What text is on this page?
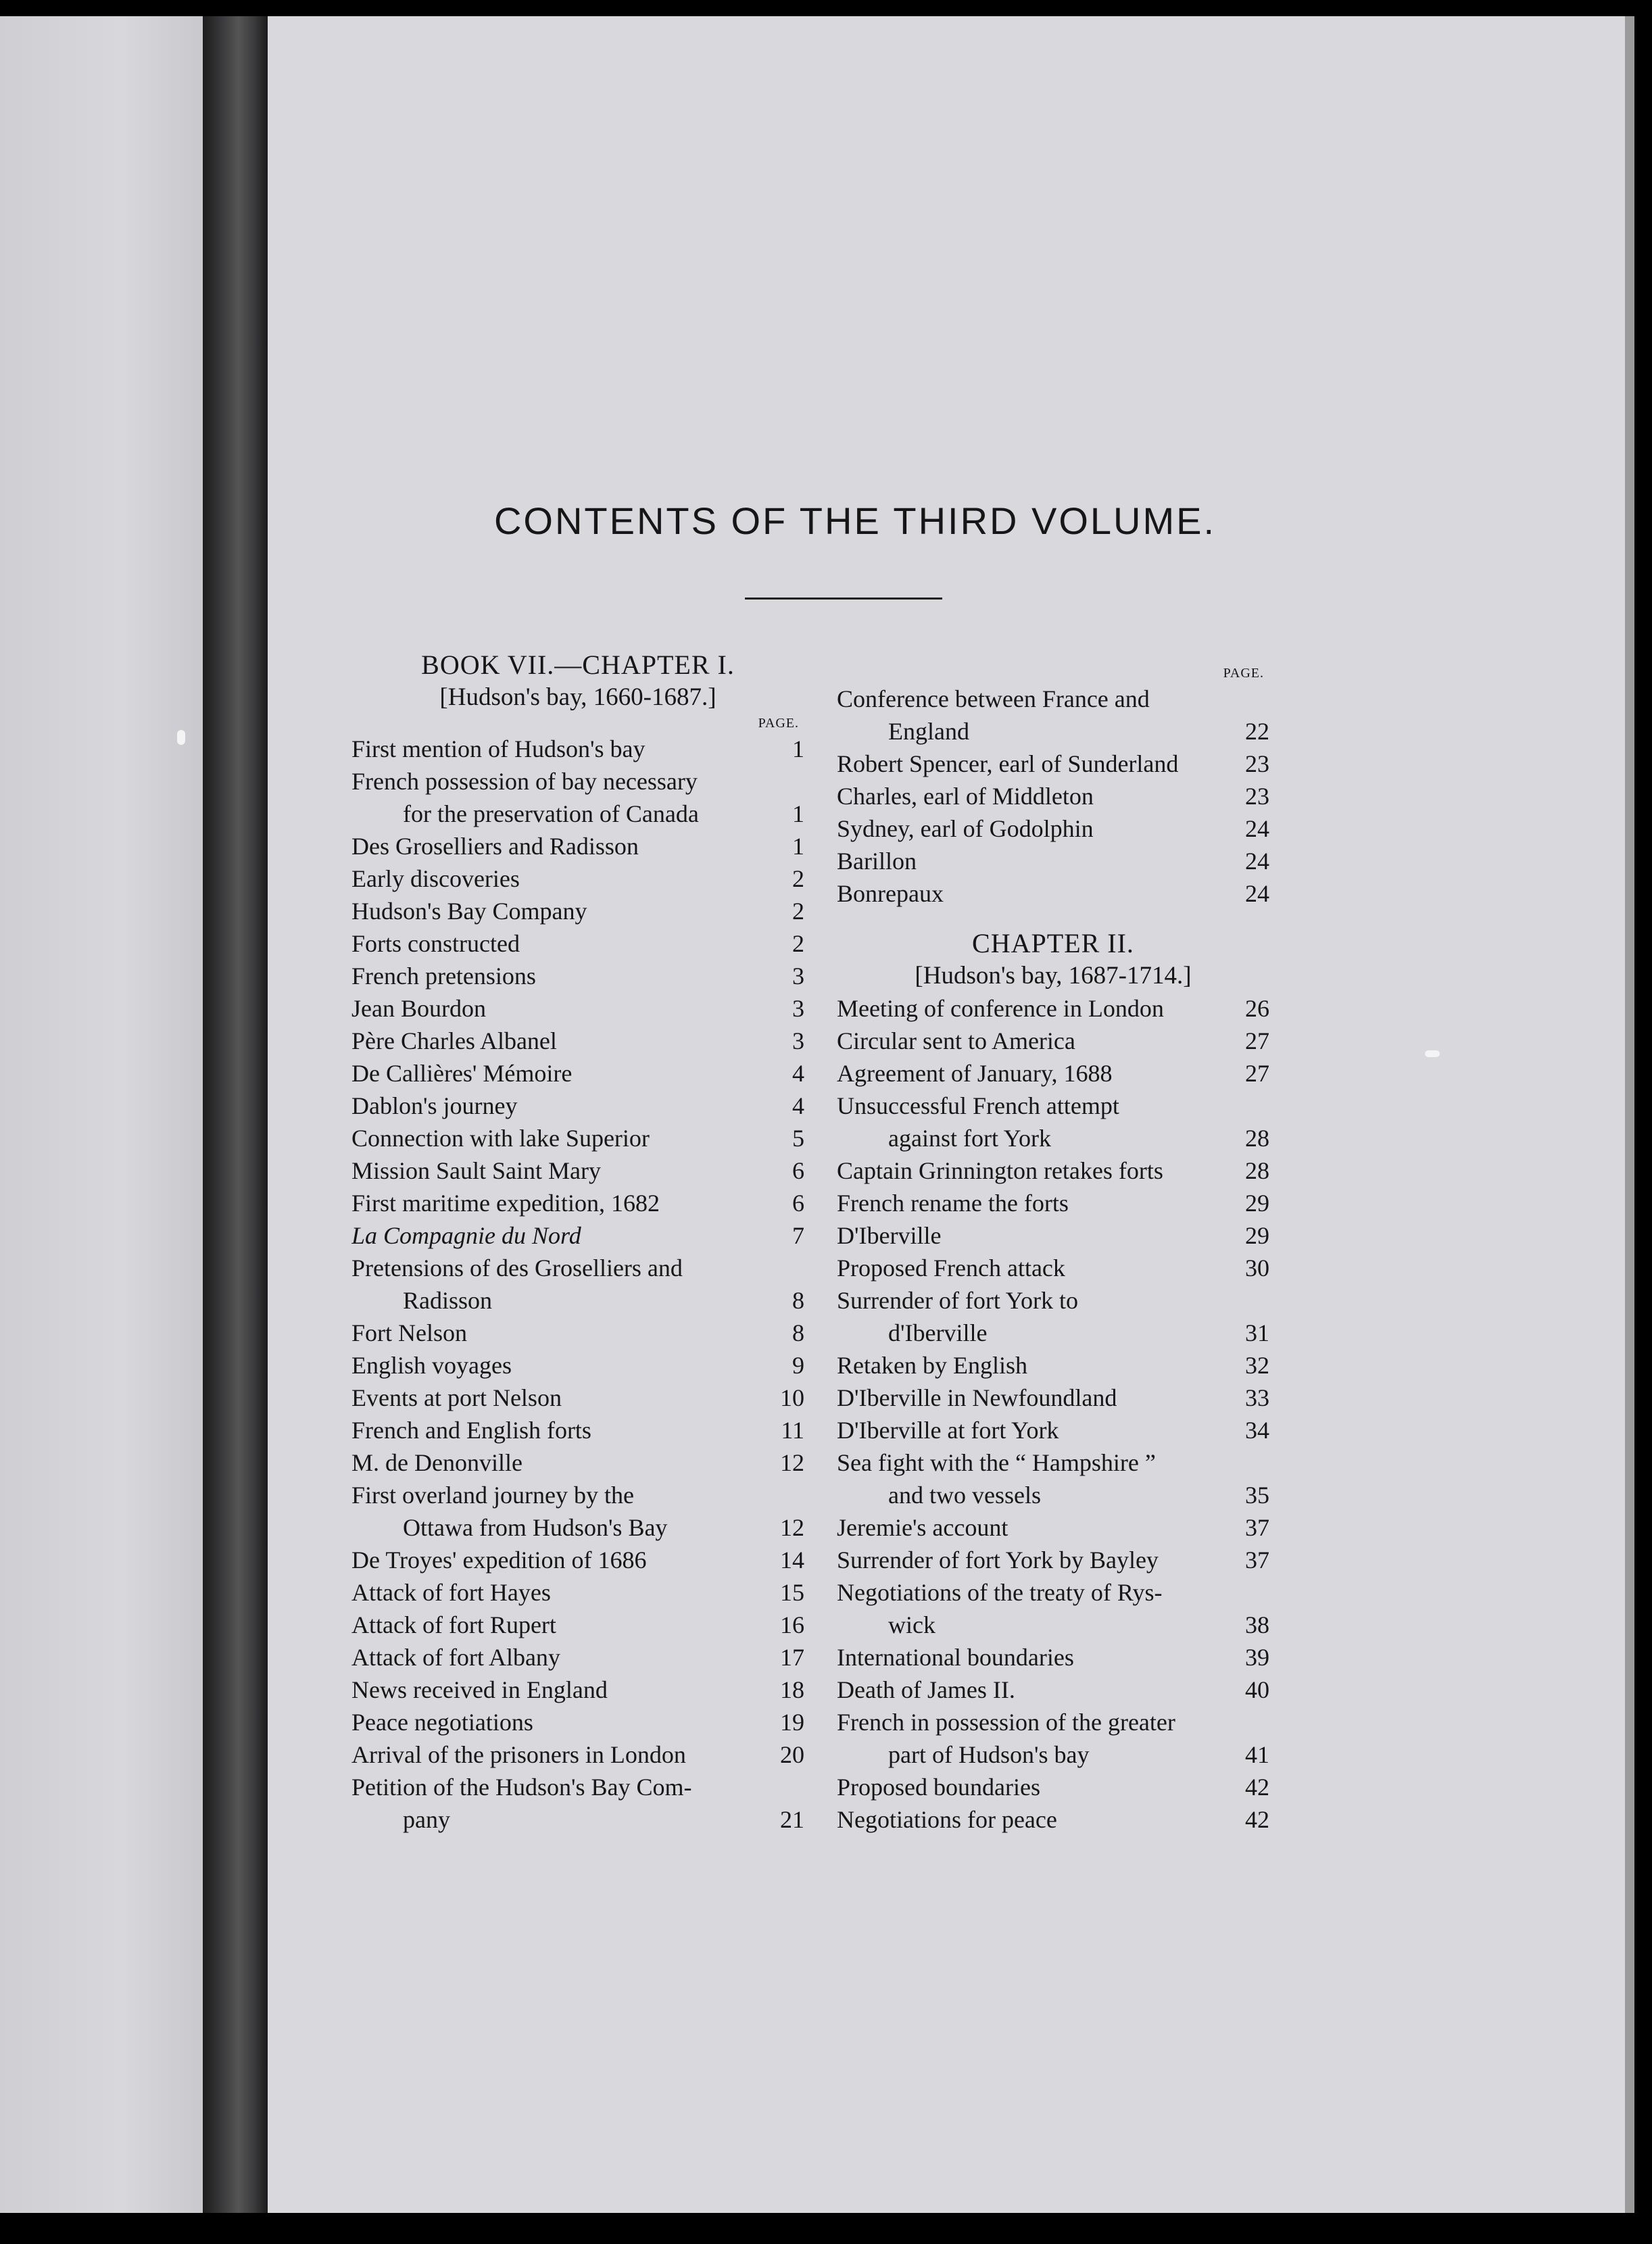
CONTENTS OF THE THIRD VOLUME.

BOOK VII.—CHAPTER I.

[Hudson's bay, 1660-1687.]

PAGE.

First mention of Hudson's bay	1
French possession of bay necessary
for the preservation of Canada	1
Des Groselliers and Radisson	1
Early discoveries	2
Hudson's Bay Company	2
Forts constructed	2
French pretensions	3
Jean Bourdon	3
Père Charles Albanel	3
De Callières' Mémoire	4
Dablon's journey	4
Connection with lake Superior	5
Mission Sault Saint Mary	6
First maritime expedition, 1682	6
La Compagnie du Nord	7
Pretensions of des Groselliers and
Radisson	8
Fort Nelson	8
English voyages	9
Events at port Nelson	10
French and English forts	11
M. de Denonville	12
First overland journey by the
Ottawa from Hudson's Bay	12
De Troyes' expedition of 1686	14
Attack of fort Hayes	15
Attack of fort Rupert	16
Attack of fort Albany	17
News received in England	18
Peace negotiations	19
Arrival of the prisoners in London	20
Petition of the Hudson's Bay Com-
pany	21

PAGE.

Conference between France and
England	22
Robert Spencer, earl of Sunderland	23
Charles, earl of Middleton	23
Sydney, earl of Godolphin	24
Barillon	24
Bonrepaux	24

CHAPTER II.

[Hudson's bay, 1687-1714.]

Meeting of conference in London	26
Circular sent to America	27
Agreement of January, 1688	27
Unsuccessful French attempt
against fort York	28
Captain Grinnington retakes forts	28
French rename the forts	29
D'Iberville	29
Proposed French attack	30
Surrender of fort York to
d'Iberville	31
Retaken by English	32
D'Iberville in Newfoundland	33
D'Iberville at fort York	34
Sea fight with the “ Hampshire ”
and two vessels	35
Jeremie's account	37
Surrender of fort York by Bayley	37
Negotiations of the treaty of Rys-
wick	38
International boundaries	39
Death of James II.	40
French in possession of the greater
part of Hudson's bay	41
Proposed boundaries	42
Negotiations for peace	42
